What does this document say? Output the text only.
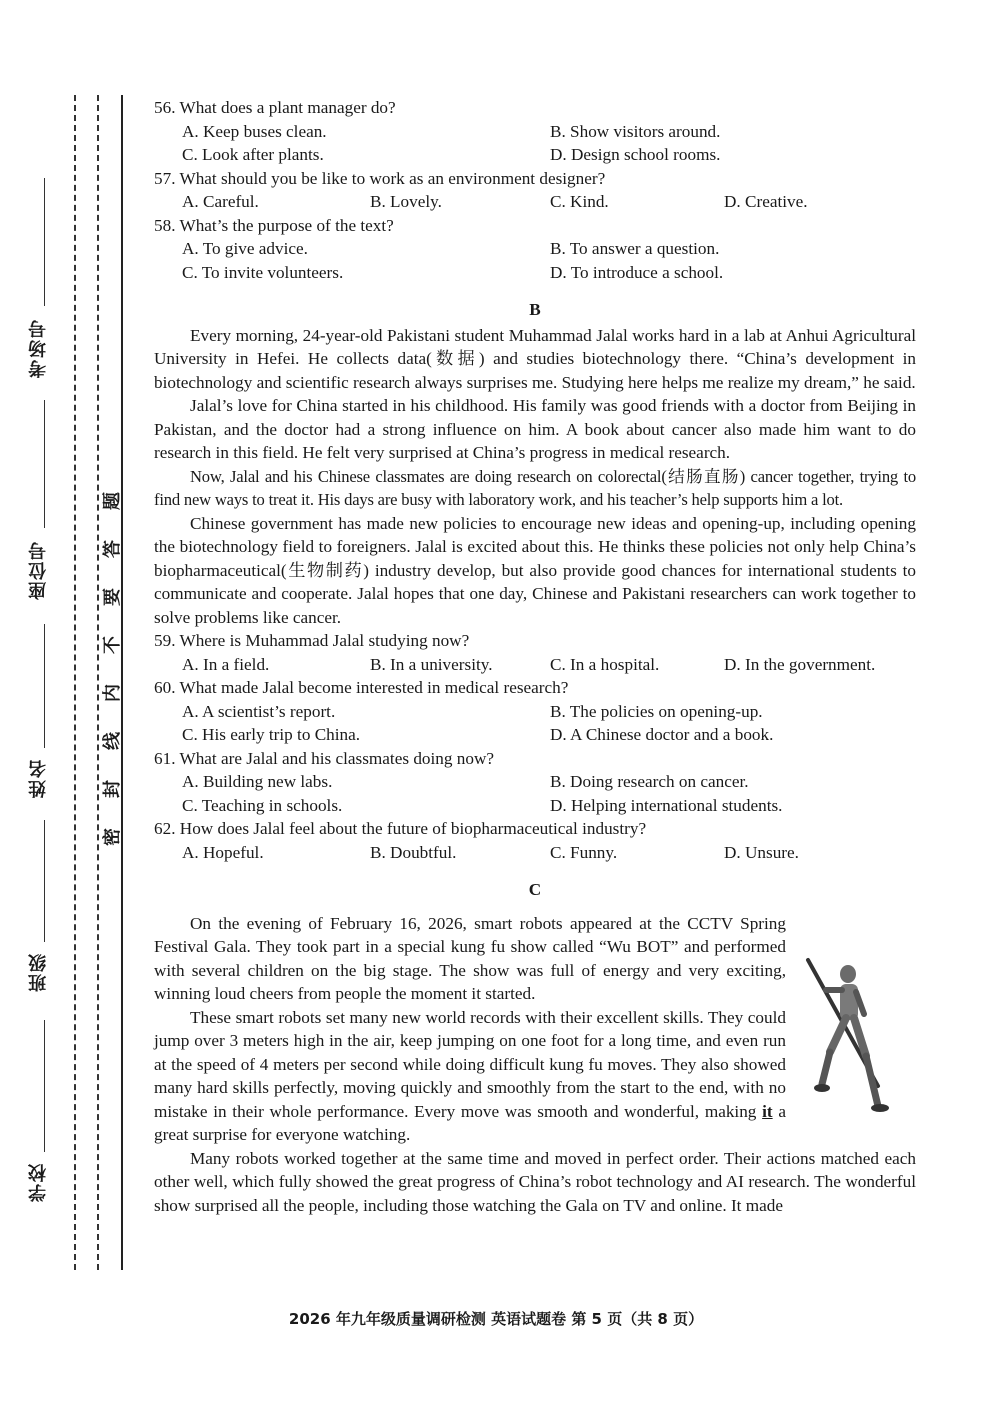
考场号
座位号
姓名
班级
学校
题
答
要
不
内
线
封
密

56. What does a plant manager do?

A. Keep buses clean.	B. Show visitors around.
C. Look after plants.	D. Design school rooms.

57. What should you be like to work as an environment designer?

A. Careful.	B. Lovely.	C. Kind.	D. Creative.

58. What’s the purpose of the text?

A. To give advice.	B. To answer a question.
C. To invite volunteers.	D. To introduce a school.
B

Every morning, 24-year-old Pakistani student Muhammad Jalal works hard in a lab at Anhui Agricultural University in Hefei. He collects data(数据) and studies biotechnology there. “China’s development in biotechnology and scientific research always surprises me. Studying here helps me realize my dream,” he said.

Jalal’s love for China started in his childhood. His family was good friends with a doctor from Beijing in Pakistan, and the doctor had a strong influence on him. A book about cancer also made him want to do research in this field. He felt very surprised at China’s progress in medical research.

Now, Jalal and his Chinese classmates are doing research on colorectal(结肠直肠) cancer together, trying to find new ways to treat it. His days are busy with laboratory work, and his teacher’s help supports him a lot.

Chinese government has made new policies to encourage new ideas and opening-up, including opening the biotechnology field to foreigners. Jalal is excited about this. He thinks these policies not only help China’s biopharmaceutical(生物制药) industry develop, but also provide good chances for international students to communicate and cooperate. Jalal hopes that one day, Chinese and Pakistani researchers can work together to solve problems like cancer.

59. Where is Muhammad Jalal studying now?

A. In a field.	B. In a university.	C. In a hospital.	D. In the government.

60. What made Jalal become interested in medical research?

A. A scientist’s report.	B. The policies on opening-up.
C. His early trip to China.	D. A Chinese doctor and a book.

61. What are Jalal and his classmates doing now?

A. Building new labs.	B. Doing research on cancer.
C. Teaching in schools.	D. Helping international students.

62. How does Jalal feel about the future of biopharmaceutical industry?

A. Hopeful.	B. Doubtful.	C. Funny.	D. Unsure.
C

On the evening of February 16, 2026, smart robots appeared at the CCTV Spring Festival Gala. They took part in a special kung fu show called “Wu BOT” and performed with several children on the big stage. The show was full of energy and very exciting, winning loud cheers from people the moment it started.

These smart robots set many new world records with their excellent skills. They could jump over 3 meters high in the air, keep jumping on one foot for a long time, and even run at the speed of 4 meters per second while doing difficult kung fu moves. They also showed many hard skills perfectly, moving quickly and smoothly from the start to the end, with no mistake in their whole performance. Every move was smooth and wonderful, making it a great surprise for everyone watching.

Many robots worked together at the same time and moved in perfect order. Their actions matched each other well, which fully showed the great progress of China’s robot technology and AI research. The wonderful show surprised all the people, including those watching the Gala on TV and online. It made

2026 年九年级质量调研检测 英语试题卷 第 5 页（共 8 页）
